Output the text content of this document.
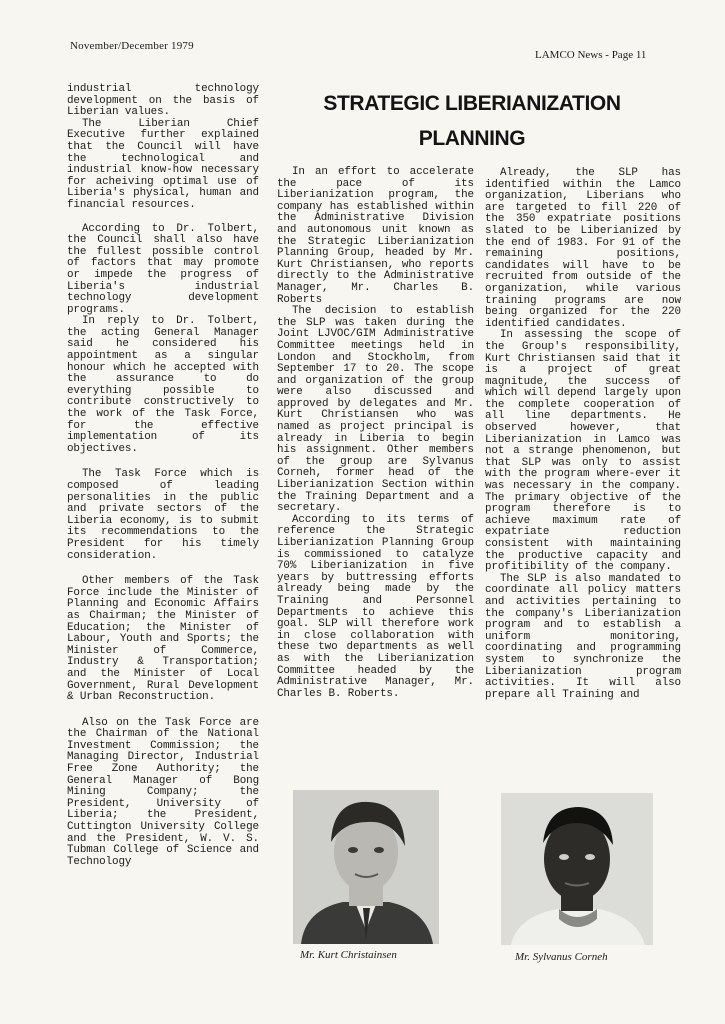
November/December 1979
LAMCO News - Page 11
STRATEGIC LIBERIANIZATION
PLANNING

industrial technology development on the basis of Liberian values.

The Liberian Chief Executive further explained that the Council will have the technological and industrial know-how necessary for acheiving optimal use of Liberia's physical, human and financial resources.

According to Dr. Tolbert, the Council shall also have the fullest possible control of factors that may promote or impede the progress of Liberia's industrial technology development programs.

In reply to Dr. Tolbert, the acting General Manager said he considered his appointment as a singular honour which he accepted with the assurance to do everything possible to contribute constructively to the work of the Task Force, for the effective implementation of its objectives.

The Task Force which is composed of leading personalities in the public and private sectors of the Liberia economy, is to submit its recommendations to the President for his timely consideration.

Other members of the Task Force include the Minister of Planning and Economic Affairs as Chairman; the Minister of Education; the Minister of Labour, Youth and Sports; the Minister of Commerce, Industry & Transportation; and the Minister of Local Government, Rural Development & Urban Reconstruction.

Also on the Task Force are the Chairman of the National Investment Commission; the Managing Director, Industrial Free Zone Authority; the General Manager of Bong Mining Company; the President, University of Liberia; the President, Cuttington University College and the President, W. V. S. Tubman College of Science and Technology

In an effort to accelerate the pace of its Liberianization program, the company has established within the Administrative Division and autonomous unit known as the Strategic Liberianization Planning Group, headed by Mr. Kurt Christiansen, who reports directly to the Administrative Manager, Mr. Charles B. Roberts

The decision to establish the SLP was taken during the Joint LJVOC/GIM Administrative Committee meetings held in London and Stockholm, from September 17 to 20. The scope and organization of the group were also discussed and approved by delegates and Mr. Kurt Christiansen who was named as project principal is already in Liberia to begin his assignment. Other members of the group are Sylvanus Corneh, former head of the Liberianization Section within the Training Department and a secretary.

According to its terms of reference the Strategic Liberianization Planning Group is commissioned to catalyze 70% Liberianization in five years by buttressing efforts already being made by the Training and Personnel Departments to achieve this goal. SLP will therefore work in close collaboration with these two departments as well as with the Liberianization Committee headed by the Administrative Manager, Mr. Charles B. Roberts.

Already, the SLP has identified within the Lamco organization, Liberians who are targeted to fill 220 of the 350 expatriate positions slated to be Liberianized by the end of 1983. For 91 of the remaining positions, candidates will have to be recruited from outside of the organization, while various training programs are now being organized for the 220 identified candidates.

In assessing the scope of the Group's responsibility, Kurt Christiansen said that it is a project of great magnitude, the success of which will depend largely upon the complete cooperation of all line departments. He observed however, that Liberianization in Lamco was not a strange phenomenon, but that SLP was only to assist with the program where-ever it was necessary in the company. The primary objective of the program therefore is to achieve maximum rate of expatriate reduction consistent with maintaining the productive capacity and profitibility of the company.

The SLP is also mandated to coordinate all policy matters and activities pertaining to the company's Liberianization program and to establish a uniform monitoring, coordinating and programming system to synchronize the Liberianization program activities. It will also prepare all Training and

Mr. Kurt Christainsen	Mr. Sylvanus Corneh
